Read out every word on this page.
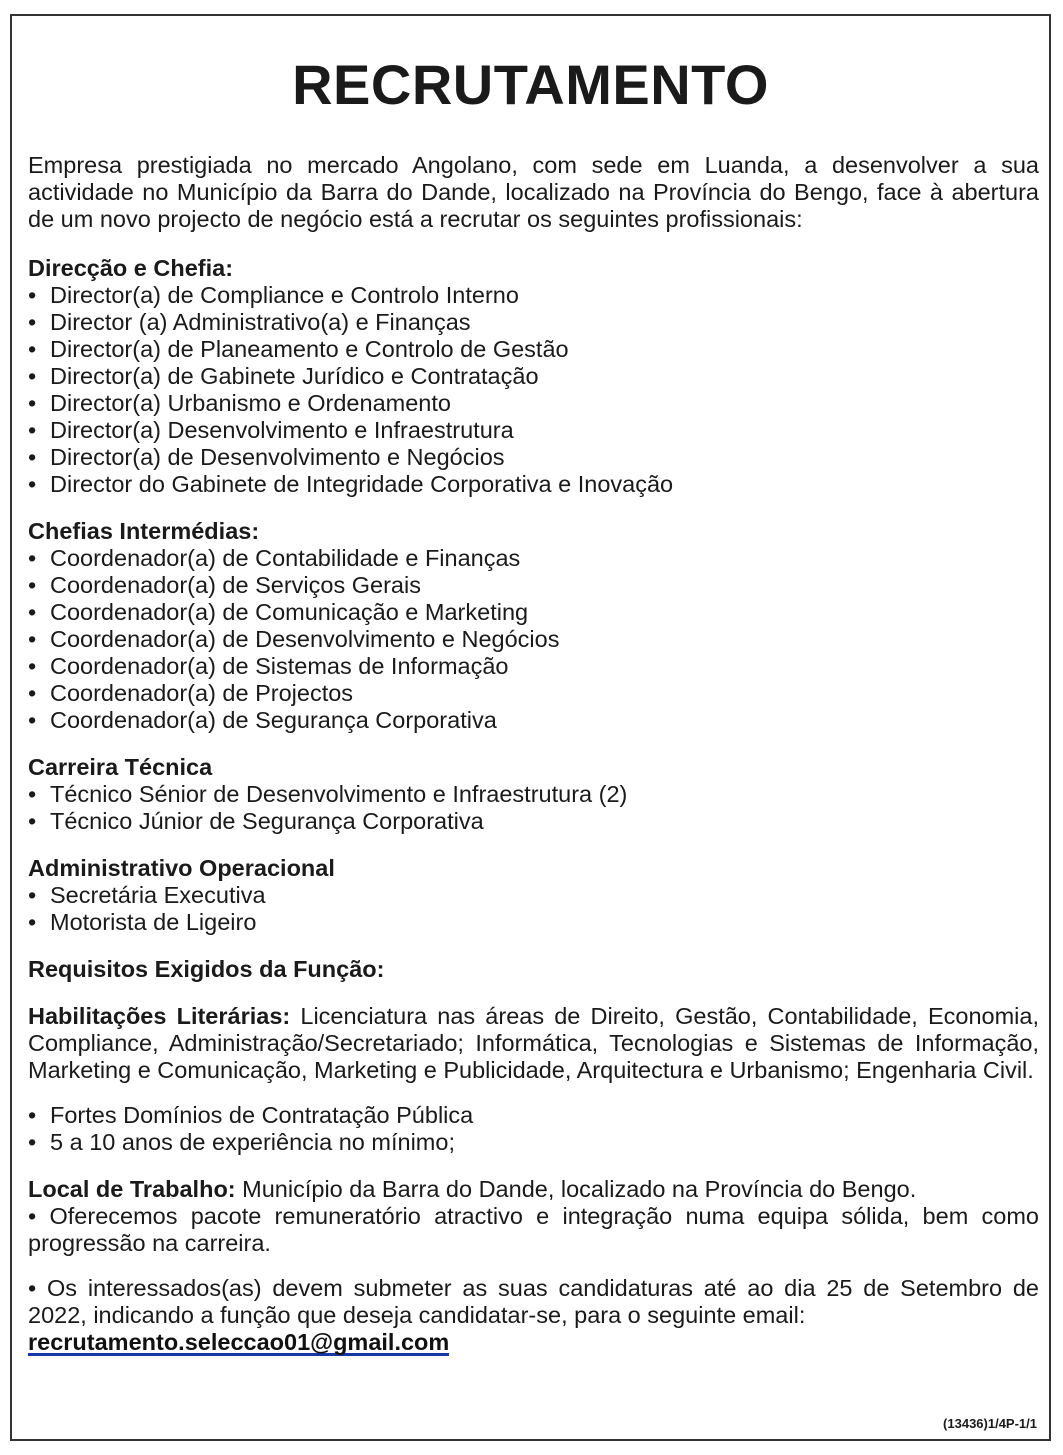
RECRUTAMENTO

Empresa prestigiada no mercado Angolano, com sede em Luanda, a desenvolver a sua actividade no Município da Barra do Dande, localizado na Província do Bengo, face à abertura de um novo projecto de negócio está a recrutar os seguintes profissionais:

Direcção e Chefia:

• Director(a) de Compliance e Controlo Interno
• Director (a) Administrativo(a) e Finanças
• Director(a) de Planeamento e Controlo de Gestão
• Director(a) de Gabinete Jurídico e Contratação
• Director(a) Urbanismo e Ordenamento
• Director(a) Desenvolvimento e Infraestrutura
• Director(a) de Desenvolvimento e Negócios
• Director do Gabinete de Integridade Corporativa e Inovação

Chefias Intermédias:

• Coordenador(a) de Contabilidade e Finanças
• Coordenador(a) de Serviços Gerais
• Coordenador(a) de Comunicação e Marketing
• Coordenador(a) de Desenvolvimento e Negócios
• Coordenador(a) de Sistemas de Informação
• Coordenador(a) de Projectos
• Coordenador(a) de Segurança Corporativa

Carreira Técnica

• Técnico Sénior de Desenvolvimento e Infraestrutura (2)
• Técnico Júnior de Segurança Corporativa

Administrativo Operacional

• Secretária Executiva
• Motorista de Ligeiro

Requisitos Exigidos da Função:

Habilitações Literárias: Licenciatura nas áreas de Direito, Gestão, Contabilidade, Economia, Compliance, Administração/Secretariado; Informática, Tecnologias e Sistemas de Informação, Marketing e Comunicação, Marketing e Publicidade, Arquitectura e Urbanismo; Engenharia Civil.

• Fortes Domínios de Contratação Pública
• 5 a 10 anos de experiência no mínimo;

Local de Trabalho: Município da Barra do Dande, localizado na Província do Bengo.

• Oferecemos pacote remuneratório atractivo e integração numa equipa sólida, bem como progressão na carreira.

• Os interessados(as) devem submeter as suas candidaturas até ao dia 25 de Setembro de 2022, indicando a função que deseja candidatar-se, para o seguinte email:

recrutamento.seleccao01@gmail.com
(13436)1/4P-1/1
